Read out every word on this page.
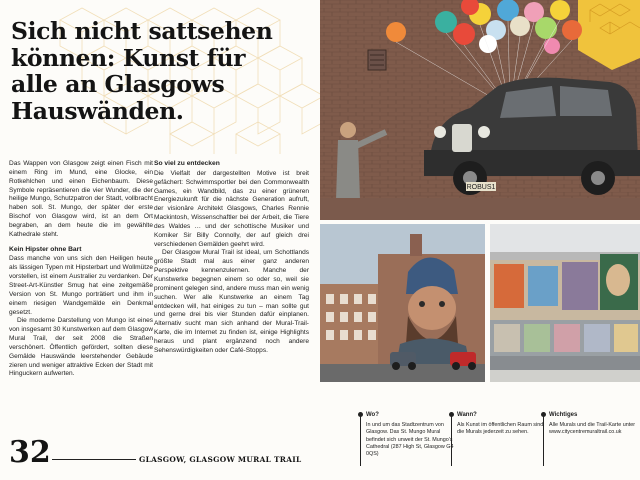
Sich nicht sattsehen
können: Kunst für
alle an Glasgows
Hauswänden.

Das Wappen von Glasgow zeigt einen Fisch mit einem Ring im Mund, eine Glocke, ein Rotkehlchen und einen Eichenbaum. Diese Symbole repräsentieren die vier Wunder, die der heilige Mungo, Schutzpatron der Stadt, vollbracht haben soll. St. Mungo, der später der erste Bischof von Glasgow wird, ist an dem Ort begraben, an dem heute die im gewählte Kathedrale steht.

Kein Hipster ohne Bart

Dass manche von uns sich den Heiligen heute als lässigen Typen mit Hipsterbart und Wollmütze vorstellen, ist einem Australier zu verdanken. Der Street-Art-Künstler Smug hat eine zeitgemäße Version von St. Mungo porträtiert und ihm in einem riesigen Wandgemälde ein Denkmal gesetzt.

Die moderne Darstellung von Mungo ist eines von insgesamt 30 Kunstwerken auf dem Glasgow Mural Trail, der seit 2008 die Straßen verschönert. Öffentlich gefördert, sollten diese Gemälde Hauswände leerstehender Gebäude zieren und weniger attraktive Ecken der Stadt mit Hinguckern aufwerten.

So viel zu entdecken

Die Vielfalt der dargestellten Motive ist breit gefächert: Schwimmsportler bei den Commonwealth Games, ein Wandbild, das zu einer grüneren Energiezukunft für die nächste Generation aufruft, der visionäre Architekt Glasgows, Charles Rennie Mackintosh, Wissenschaftler bei der Arbeit, die Tiere des Waldes … und der schottische Musiker und Komiker Sir Billy Connolly, der auf gleich drei verschiedenen Gemälden geehrt wird.

Der Glasgow Mural Trail ist ideal, um Schottlands größte Stadt mal aus einer ganz anderen Perspektive kennenzulernen. Manche der Kunstwerke begegnen einem so oder so, weil sie prominent gelegen sind, andere muss man ein wenig suchen. Wer alle Kunstwerke an einem Tag entdecken will, hat einiges zu tun – man sollte gut und gerne drei bis vier Stunden dafür einplanen. Alternativ sucht man sich anhand der Mural-Trail-Karte, die im Internet zu finden ist, einige Highlights heraus und plant ergänzend noch andere Sehenswürdigkeiten oder Café-Stopps.

ROBUS1
Wo?
In und um das Stadtzentrum von Glasgow. Das St. Mungo Mural befindet sich unweit der St. Mungo's Cathedral (287 High St, Glasgow G4 0QS)
Wann?
Als Kunst im öffentlichen Raum sind die Murals jederzeit zu sehen.
Wichtiges
Alle Murals und die Trail-Karte unter www.citycentremuraltrail.co.uk
32	GLASGOW, GLASGOW MURAL TRAIL
